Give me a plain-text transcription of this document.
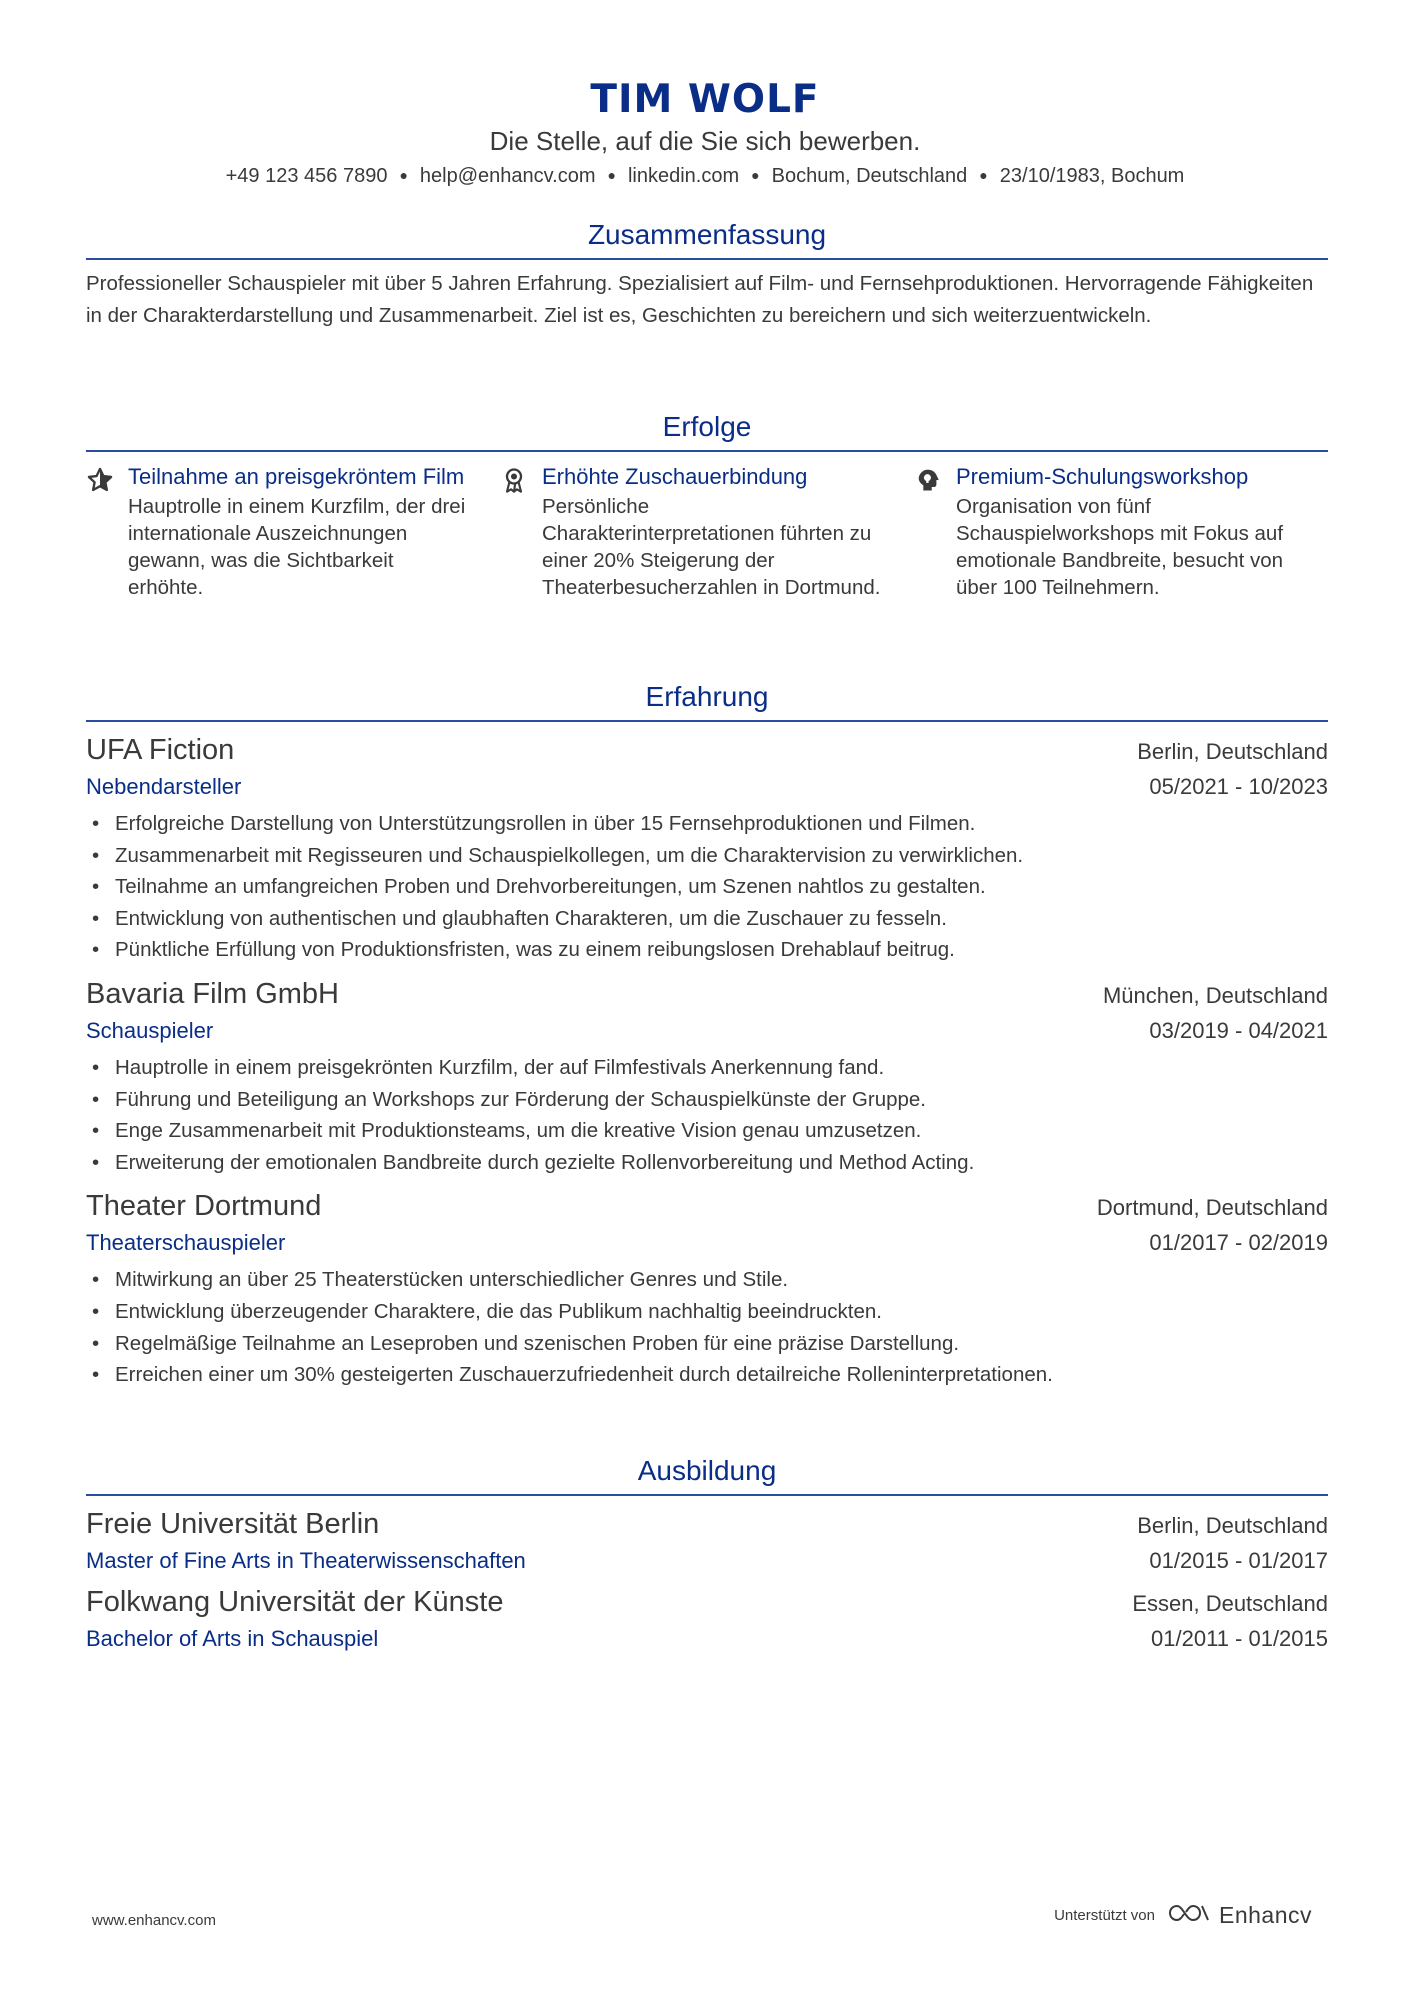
TIM WOLF
Die Stelle, auf die Sie sich bewerben.
+49 123 456 7890 ● help@enhancv.com ● linkedin.com ● Bochum, Deutschland ● 23/10/1983, Bochum
Zusammenfassung
Professioneller Schauspieler mit über 5 Jahren Erfahrung. Spezialisiert auf Film- und Fernsehproduktionen. Hervorragende Fähigkeiten in der Charakterdarstellung und Zusammenarbeit. Ziel ist es, Geschichten zu bereichern und sich weiterzuentwickeln.
Erfolge
Teilnahme an preisgekröntem Film
Hauptrolle in einem Kurzfilm, der drei internationale Auszeichnungen gewann, was die Sichtbarkeit erhöhte.
Erhöhte Zuschauerbindung
Persönliche Charakterinterpretationen führten zu einer 20% Steigerung der Theaterbesucherzahlen in Dortmund.
Premium-Schulungsworkshop
Organisation von fünf Schauspielworkshops mit Fokus auf emotionale Bandbreite, besucht von über 100 Teilnehmern.
Erfahrung
UFA Fiction	Berlin, Deutschland
Nebendarsteller	05/2021 - 10/2023
• Erfolgreiche Darstellung von Unterstützungsrollen in über 15 Fernsehproduktionen und Filmen.
• Zusammenarbeit mit Regisseuren und Schauspielkollegen, um die Charaktervision zu verwirklichen.
• Teilnahme an umfangreichen Proben und Drehvorbereitungen, um Szenen nahtlos zu gestalten.
• Entwicklung von authentischen und glaubhaften Charakteren, um die Zuschauer zu fesseln.
• Pünktliche Erfüllung von Produktionsfristen, was zu einem reibungslosen Drehablauf beitrug.
Bavaria Film GmbH	München, Deutschland
Schauspieler	03/2019 - 04/2021
• Hauptrolle in einem preisgekrönten Kurzfilm, der auf Filmfestivals Anerkennung fand.
• Führung und Beteiligung an Workshops zur Förderung der Schauspielkünste der Gruppe.
• Enge Zusammenarbeit mit Produktionsteams, um die kreative Vision genau umzusetzen.
• Erweiterung der emotionalen Bandbreite durch gezielte Rollenvorbereitung und Method Acting.
Theater Dortmund	Dortmund, Deutschland
Theaterschauspieler	01/2017 - 02/2019
• Mitwirkung an über 25 Theaterstücken unterschiedlicher Genres und Stile.
• Entwicklung überzeugender Charaktere, die das Publikum nachhaltig beeindruckten.
• Regelmäßige Teilnahme an Leseproben und szenischen Proben für eine präzise Darstellung.
• Erreichen einer um 30% gesteigerten Zuschauerzufriedenheit durch detailreiche Rolleninterpretationen.
Ausbildung
Freie Universität Berlin	Berlin, Deutschland
Master of Fine Arts in Theaterwissenschaften	01/2015 - 01/2017
Folkwang Universität der Künste	Essen, Deutschland
Bachelor of Arts in Schauspiel	01/2011 - 01/2015
www.enhancv.com	Unterstützt von	Enhancv
